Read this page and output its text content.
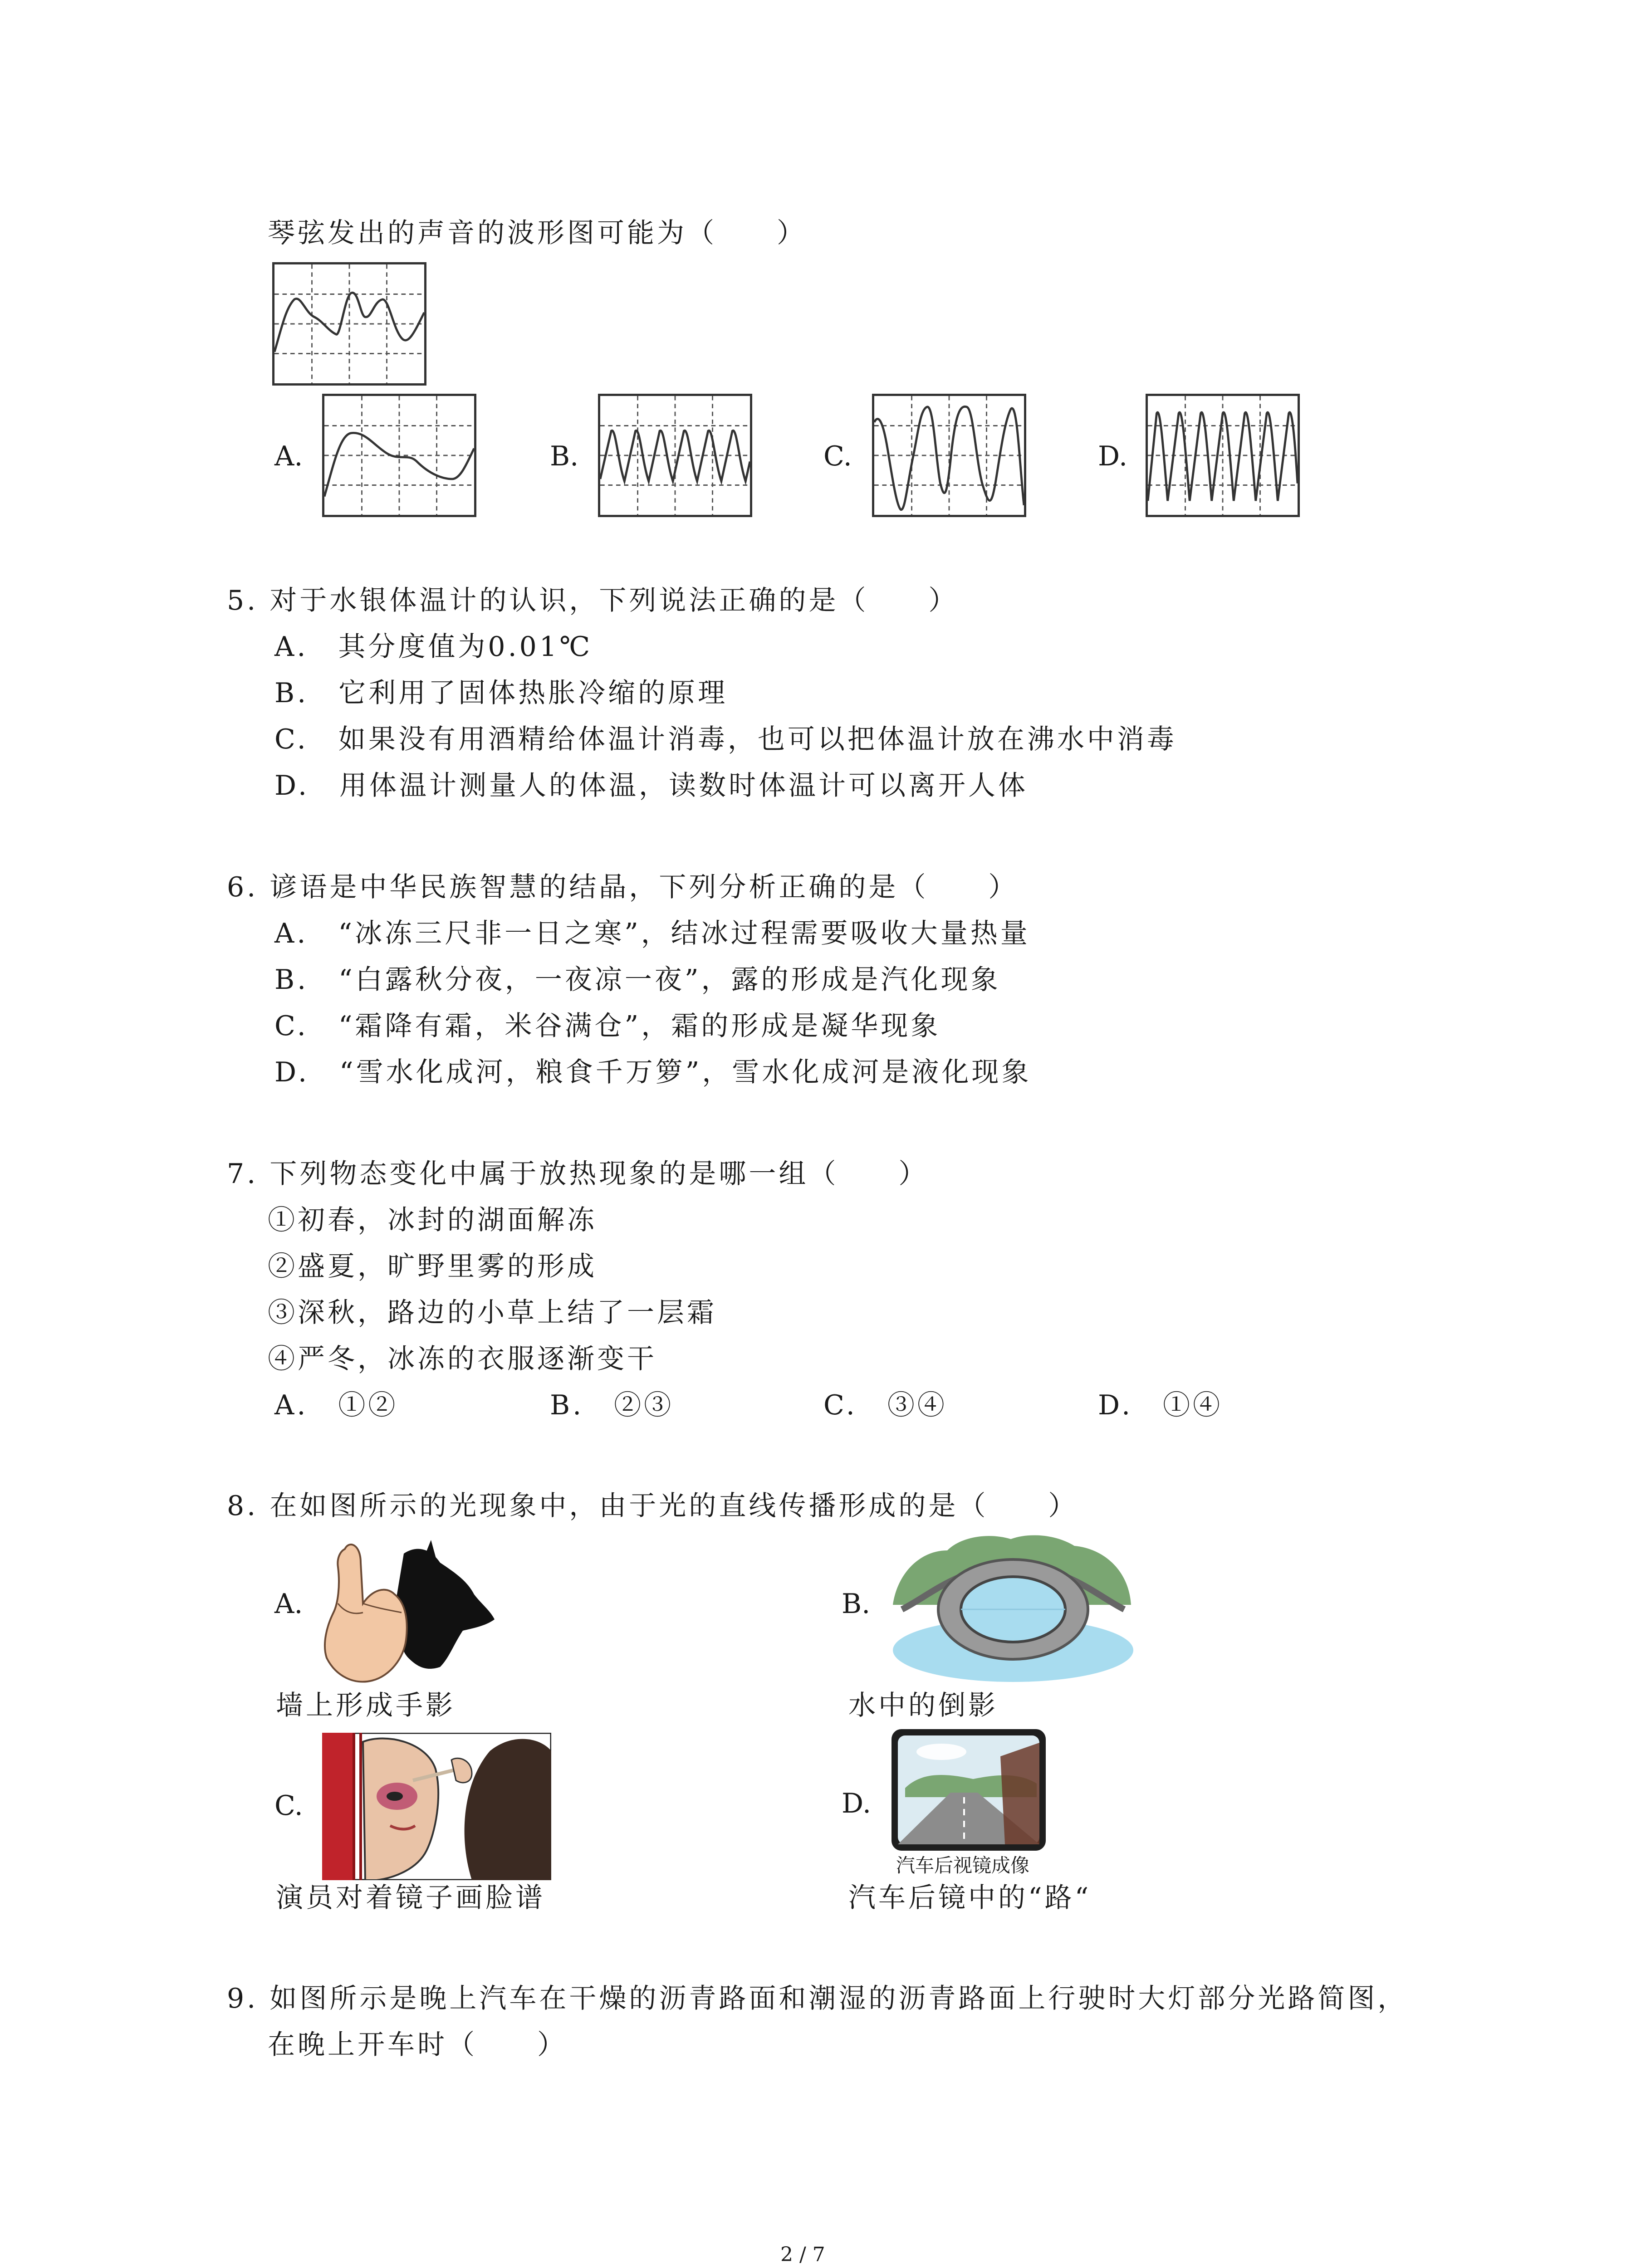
琴弦发出的声音的波形图可能为（　　）
A.	B.	C.	D.
5. 对于水银体温计的认识，下列说法正确的是（　　）
A.　其分度值为0.01℃
B.　它利用了固体热胀冷缩的原理
C.　如果没有用酒精给体温计消毒，也可以把体温计放在沸水中消毒
D.　用体温计测量人的体温，读数时体温计可以离开人体
6. 谚语是中华民族智慧的结晶，下列分析正确的是（　　）
A.　“冰冻三尺非一日之寒”，结冰过程需要吸收大量热量
B.　“白露秋分夜，一夜凉一夜”，露的形成是汽化现象
C.　“霜降有霜，米谷满仓”，霜的形成是凝华现象
D.　“雪水化成河，粮食千万箩”，雪水化成河是液化现象
7. 下列物态变化中属于放热现象的是哪一组（　　）
①初春，冰封的湖面解冻
②盛夏，旷野里雾的形成
③深秋，路边的小草上结了一层霜
④严冬，冰冻的衣服逐渐变干
A.　①②	B.　②③	C.　③④	D.　①④
8. 在如图所示的光现象中，由于光的直线传播形成的是（　　）
A.
墙上形成手影
B.
水中的倒影
C.
演员对着镜子画脸谱
D.
汽车后视镜成像
汽车后镜中的“路“
9. 如图所示是晚上汽车在干燥的沥青路面和潮湿的沥青路面上行驶时大灯部分光路简图，
在晚上开车时（　　）
2 / 7
